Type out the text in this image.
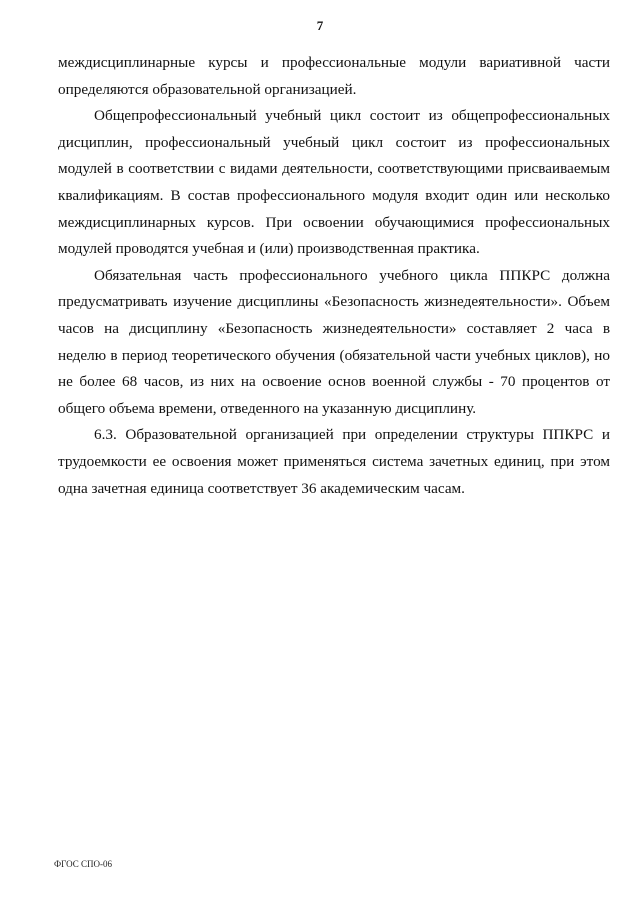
7

междисциплинарные курсы и профессиональные модули вариативной части определяются образовательной организацией.

Общепрофессиональный учебный цикл состоит из общепрофессиональных дисциплин, профессиональный учебный цикл состоит из профессиональных модулей в соответствии с видами деятельности, соответствующими присваиваемым квалификациям. В состав профессионального модуля входит один или несколько междисциплинарных курсов. При освоении обучающимися профессиональных модулей проводятся учебная и (или) производственная практика.

Обязательная часть профессионального учебного цикла ППКРС должна предусматривать изучение дисциплины «Безопасность жизнедеятельности». Объем часов на дисциплину «Безопасность жизнедеятельности» составляет 2 часа в неделю в период теоретического обучения (обязательной части учебных циклов), но не более 68 часов, из них на освоение основ военной службы - 70 процентов от общего объема времени, отведенного на указанную дисциплину.

6.3. Образовательной организацией при определении структуры ППКРС и трудоемкости ее освоения может применяться система зачетных единиц, при этом одна зачетная единица соответствует 36 академическим часам.

ФГОС СПО-06
